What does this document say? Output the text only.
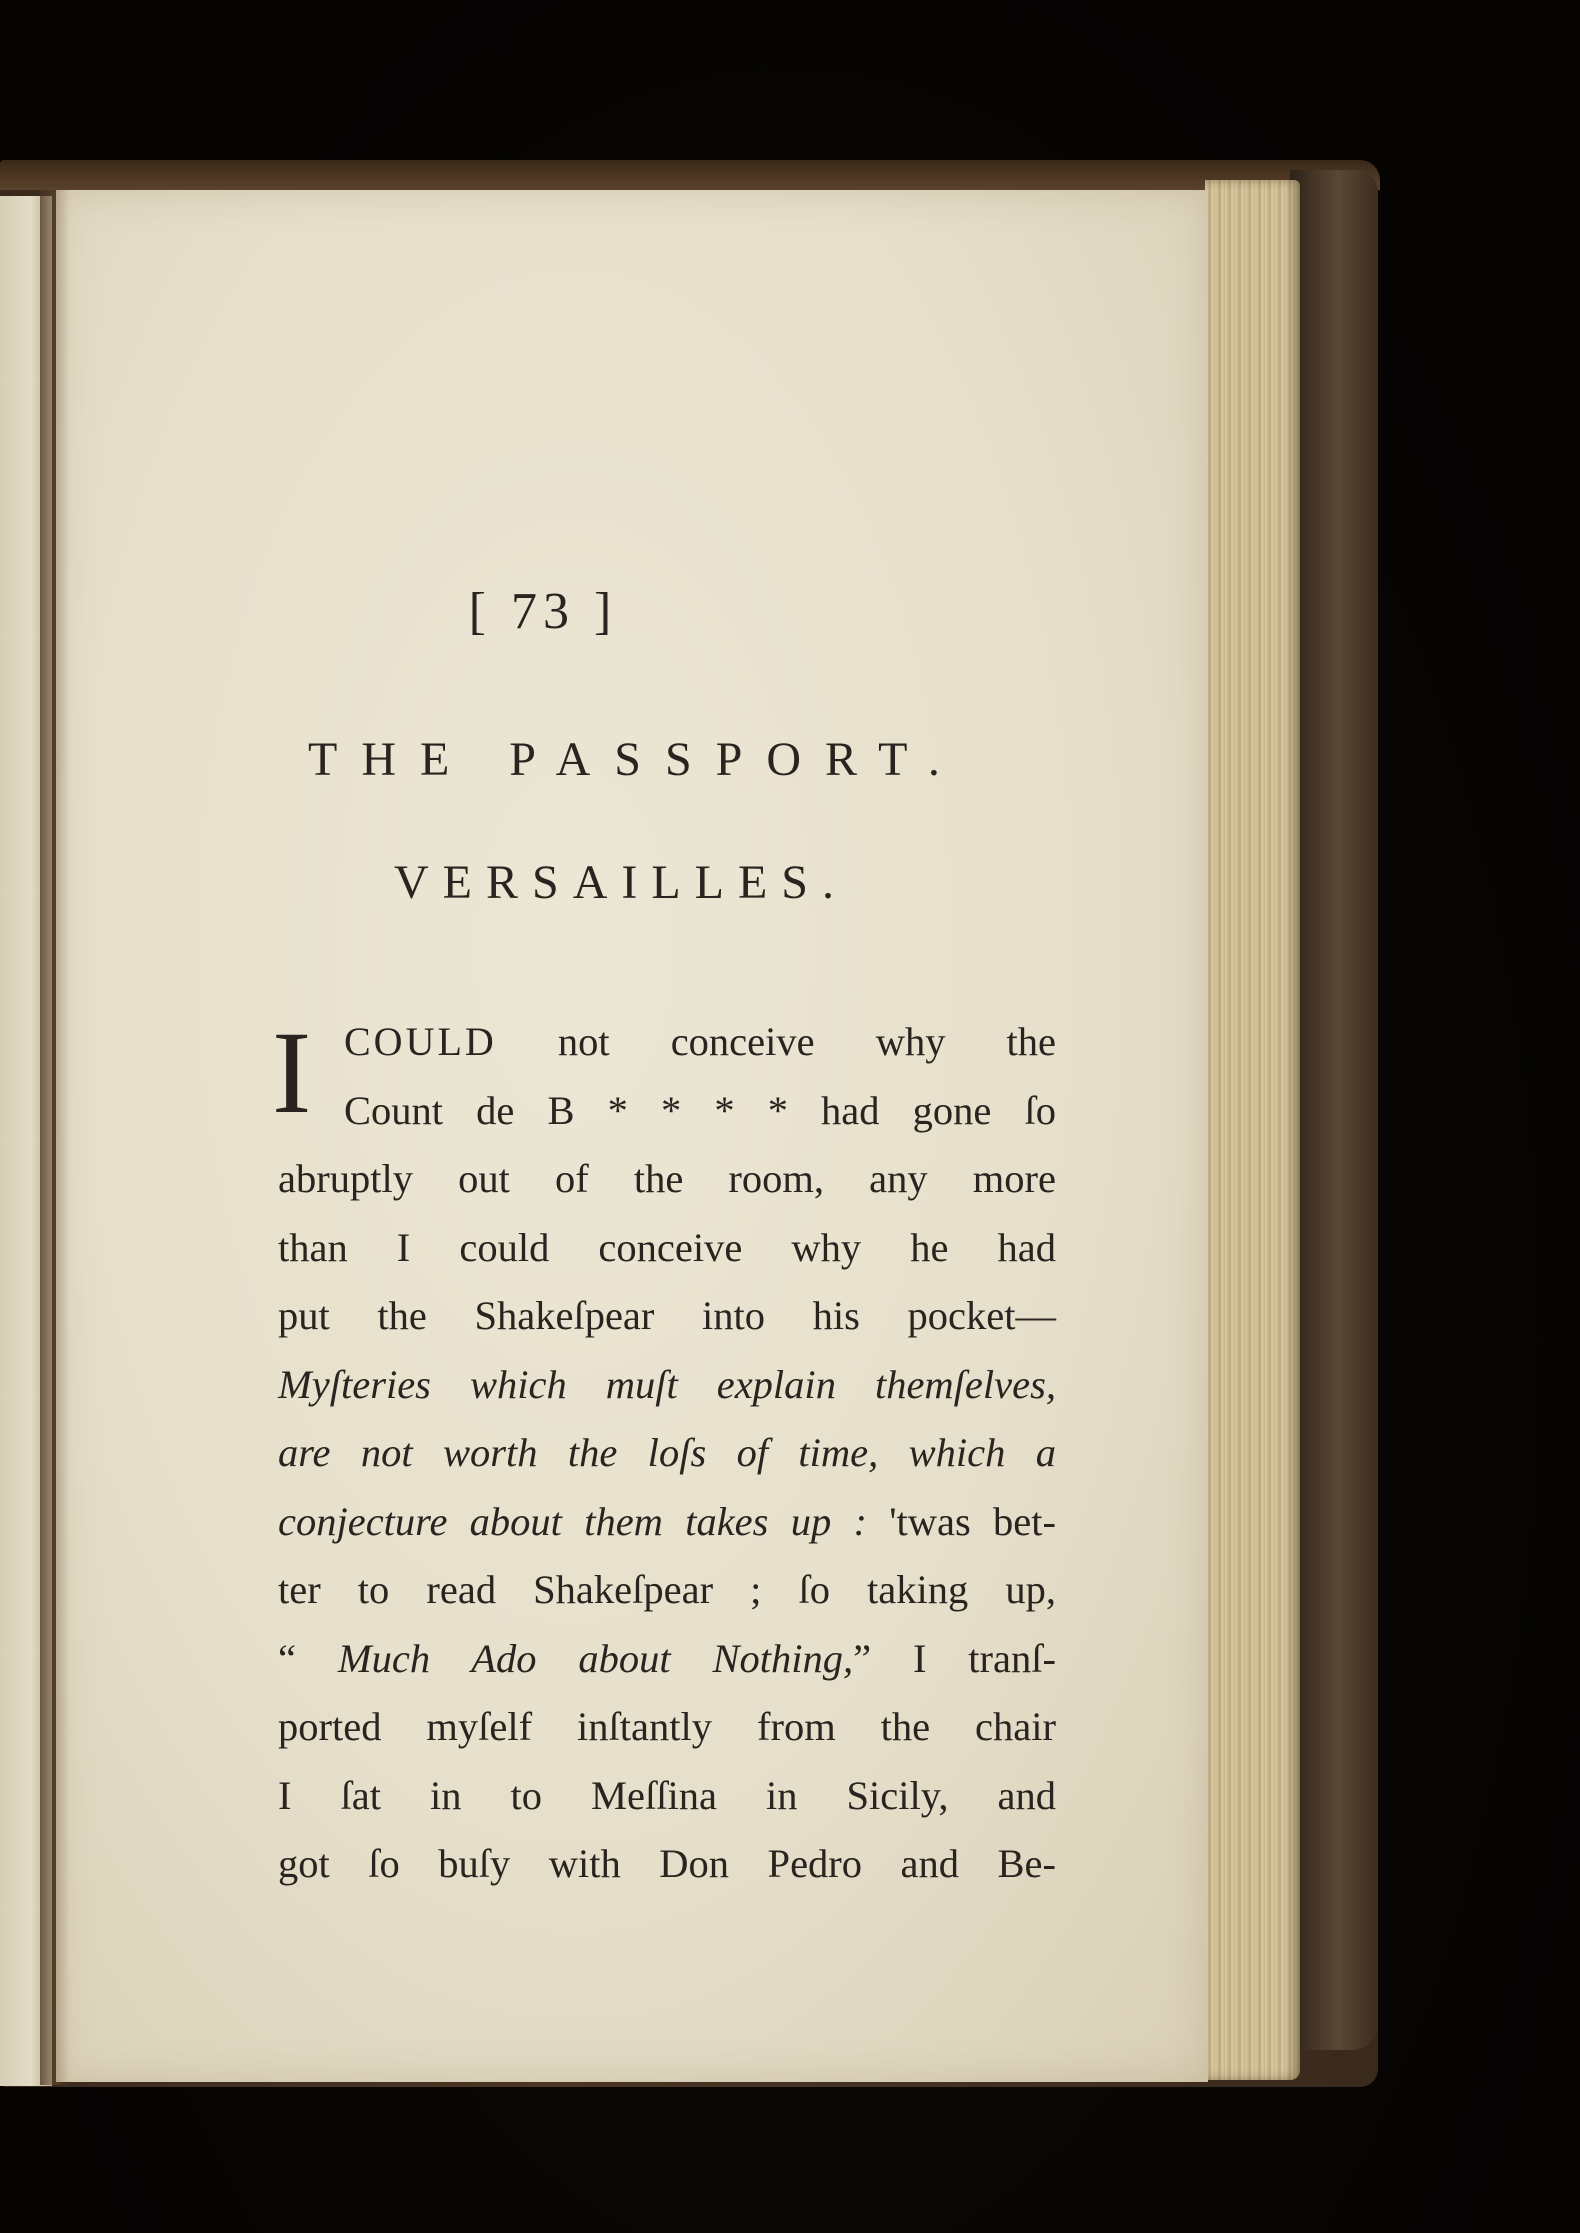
[ 73 ]
THE PASSPORT.
VERSAILLES.
I COULD not conceive why the
Count de B * * * * had gone ſo
abruptly out of the room, any more
than I could conceive why he had
put the Shakeſpear into his pocket—
Myſteries which muſt explain themſelves,
are not worth the loſs of time, which a
conjecture about them takes up : 'twas bet-
ter to read Shakeſpear ; ſo taking up,
“ Much Ado about Nothing,” I tranſ-
ported myſelf inſtantly from the chair
I ſat in to Meſſina in Sicily, and
got ſo buſy with Don Pedro and Be-
